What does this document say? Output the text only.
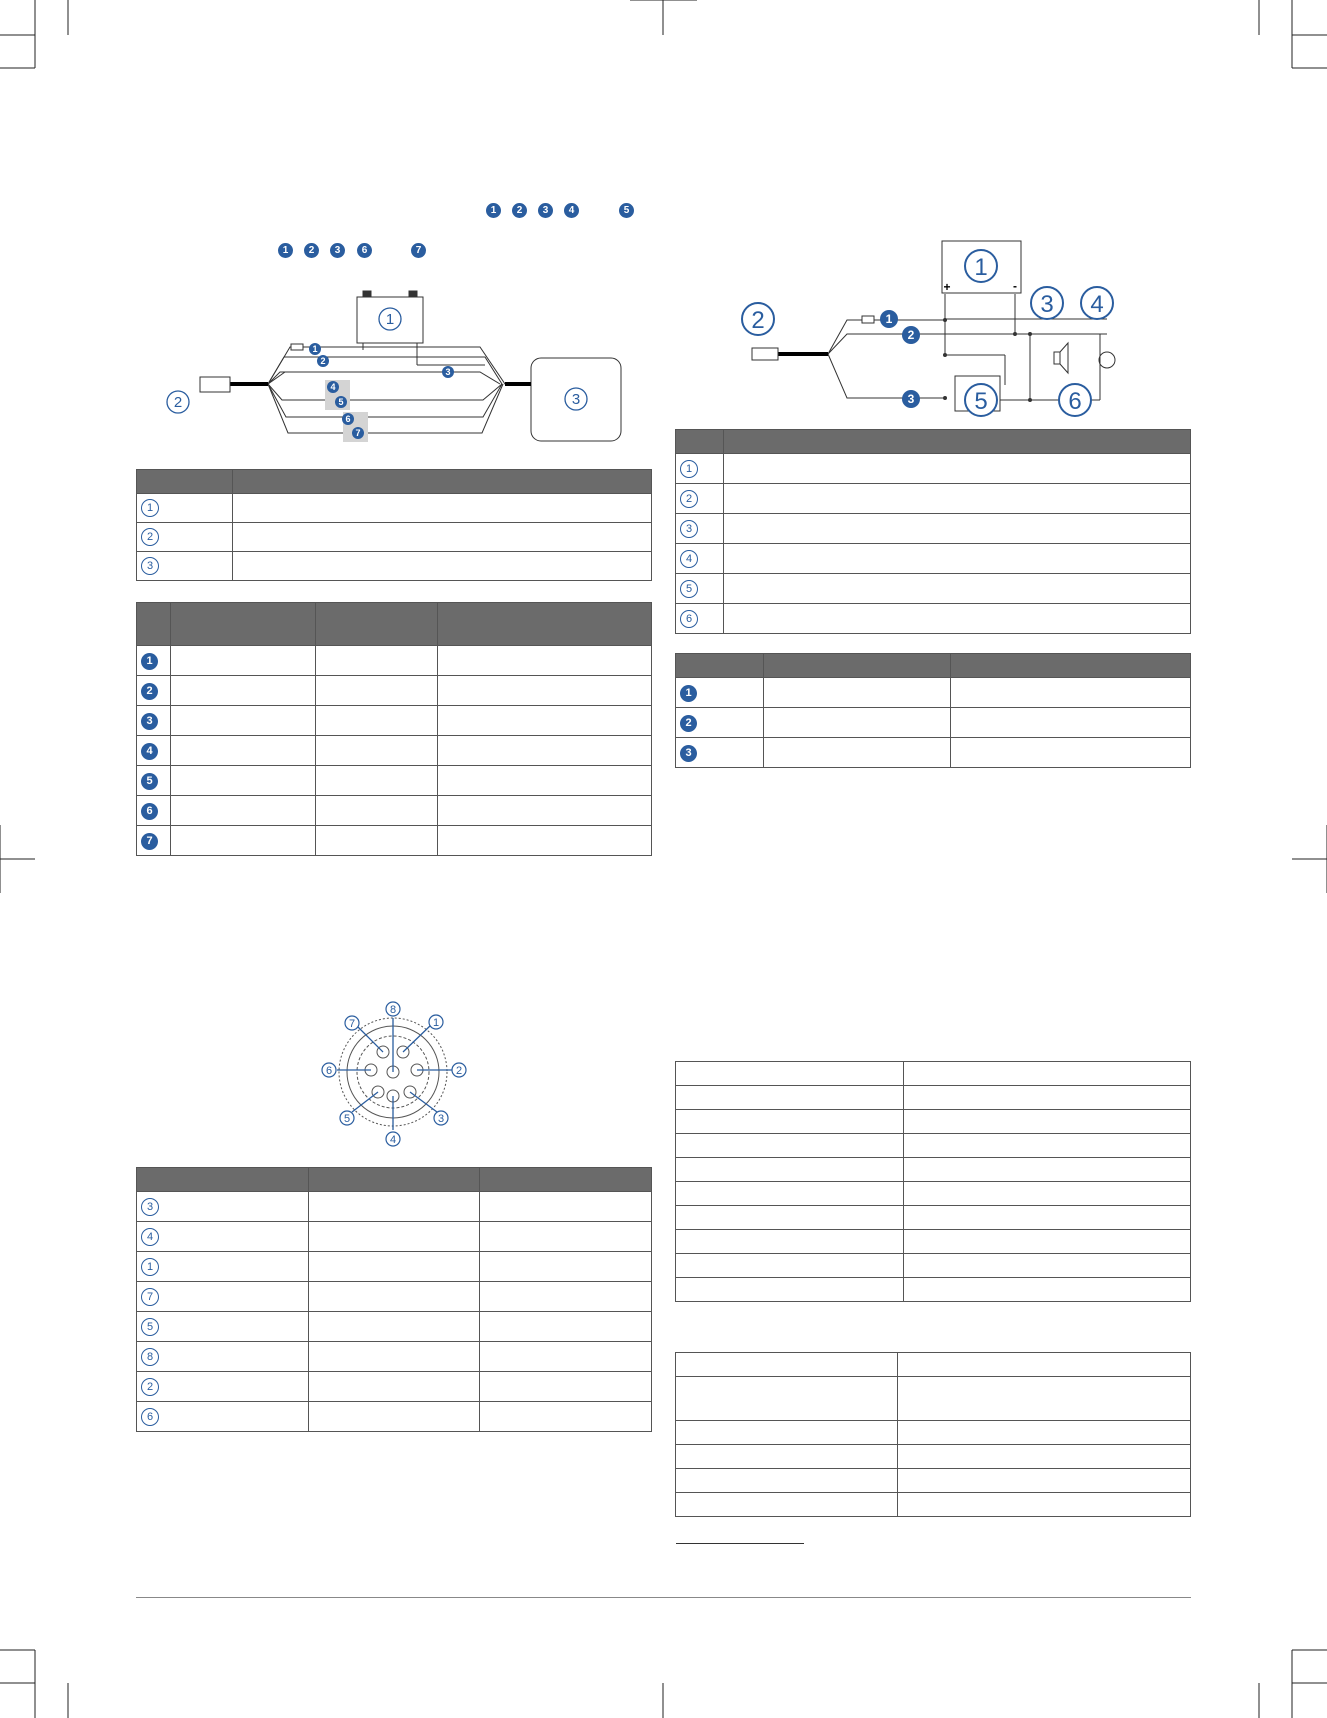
1	2	3	4	5
1	2	3	6	7
1
2	3
1
2
3
4
5
6
7
+	-
1
2
3 4
5	6
1
2
3

1	
2	
3	

1			
2			
3			
4			
5			
6			
7			

1	
2	
3	
4	
5	
6	

1		
2		
3		
1
2
3
4
5
6
7
8

3		
4		
1		
7		
5		
8		
2		
6		
